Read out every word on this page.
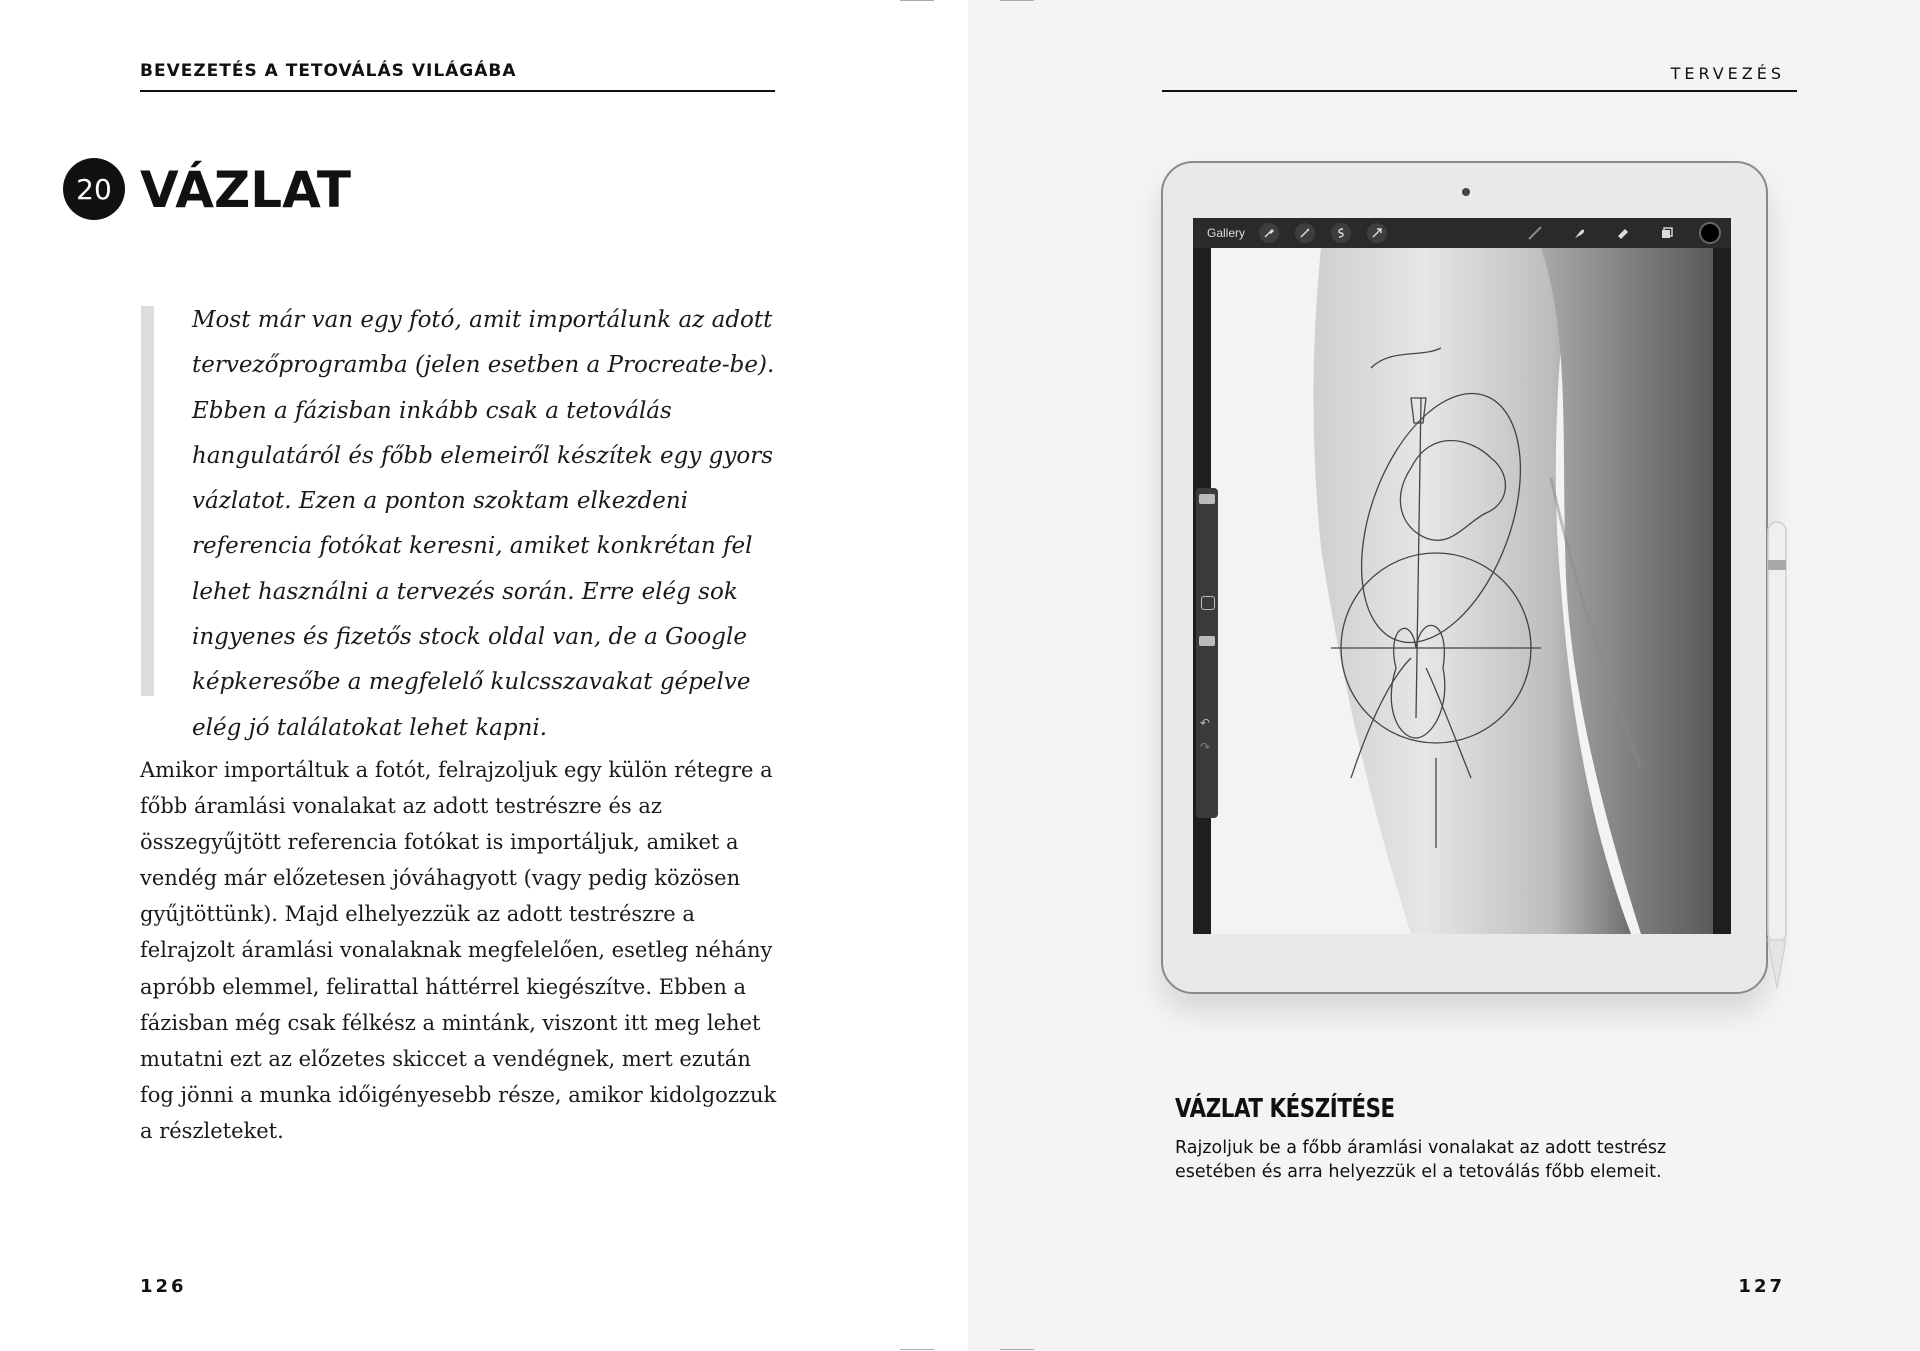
BEVEZETÉS A TETOVÁLÁS VILÁGÁBA
20 VÁZLAT

Most már van egy fotó, amit importálunk az adott tervezőprogramba (jelen esetben a Procreate-be). Ebben a fázisban inkább csak a tetoválás hangulatáról és főbb elemeiről készítek egy gyors vázlatot. Ezen a ponton szoktam elkezdeni referencia fotókat keresni, amiket konkrétan fel lehet használni a tervezés során. Erre elég sok ingyenes és fizetős stock oldal van, de a Google képkeresőbe a megfelelő kulcsszavakat gépelve elég jó találatokat lehet kapni.

Amikor importáltuk a fotót, felrajzoljuk egy külön rétegre a főbb áramlási vonalakat az adott testrészre és az összegyűjtött referencia fotókat is importáljuk, amiket a vendég már előzetesen jóváhagyott (vagy pedig közösen gyűjtöttünk). Majd elhelyezzük az adott testrészre a felrajzolt áramlási vonalaknak megfelelően, esetleg néhány apróbb elemmel, felirattal háttérrel kiegészítve. Ebben a fázisban még csak félkész a mintánk, viszont itt meg lehet mutatni ezt az előzetes skiccet a vendégnek, mert ezután fog jönni a munka időigényesebb része, amikor kidolgozzuk a részleteket.

126
TERVEZÉS
127
Gallery
↶
↷
VÁZLAT KÉSZÍTÉSE

Rajzoljuk be a főbb áramlási vonalakat az adott testrész esetében és arra helyezzük el a tetoválás főbb elemeit.
